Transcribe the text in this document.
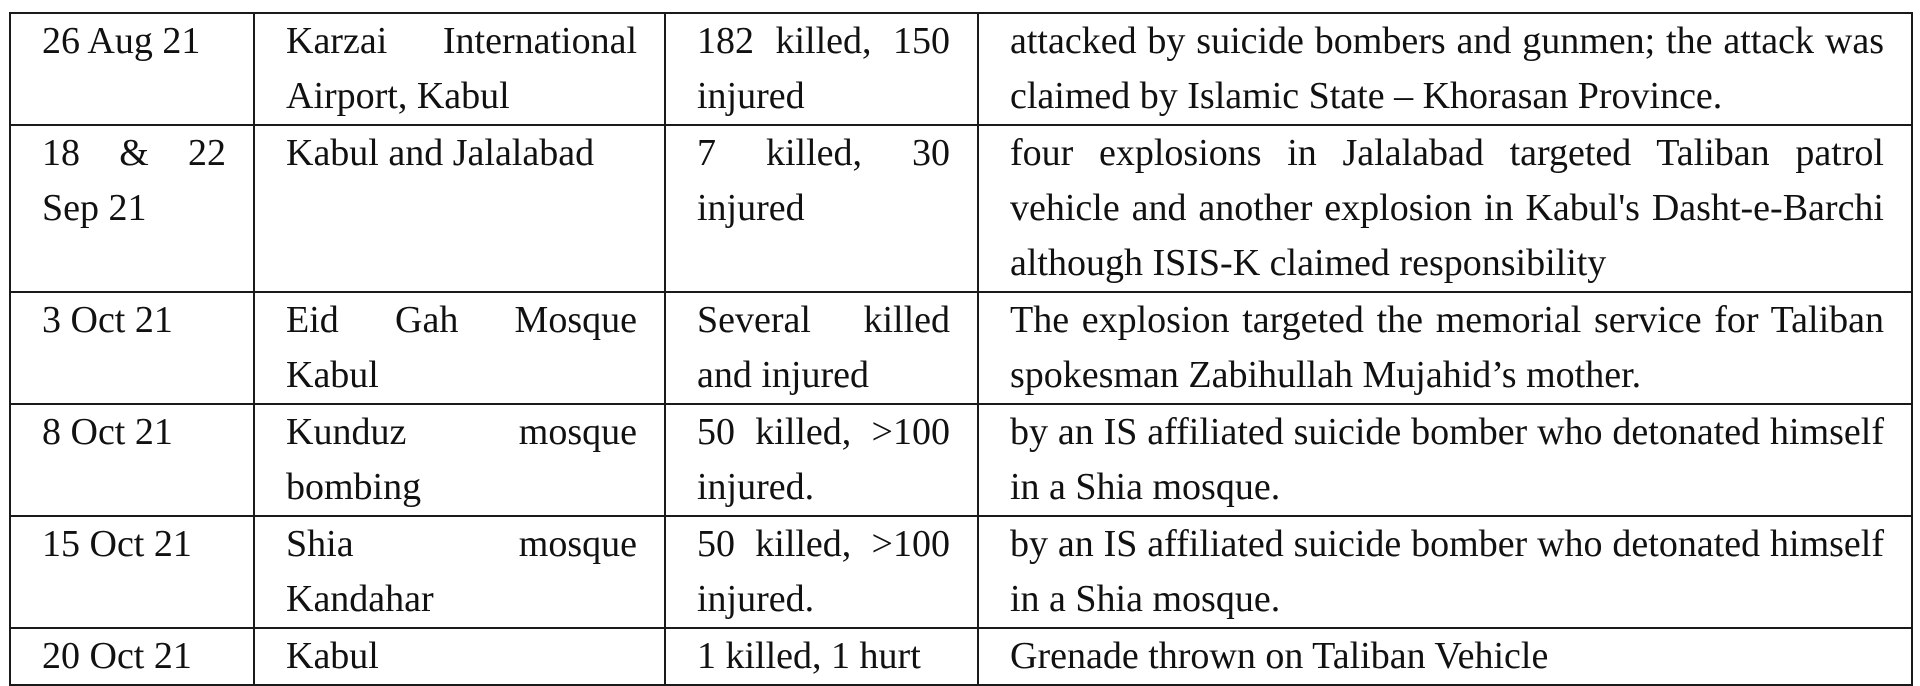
26 Aug 21	Karzai International Airport, Kabul	182 killed, 150 injured	attacked by suicide bombers and gunmen; the attack was claimed by Islamic State – Khorasan Province.
18 & 22 Sep 21	Kabul and Jalalabad	7 killed, 30 injured	four explosions in Jalalabad targeted Taliban patrol vehicle and another explosion in Kabul's Dasht-e-Barchi although ISIS-K claimed responsibility
3 Oct 21	Eid Gah Mosque Kabul	Several killed and injured	The explosion targeted the memorial service for Taliban spokesman Zabihullah Mujahid’s mother.
8 Oct 21	Kunduz mosque bombing	50 killed, >100 injured.	by an IS affiliated suicide bomber who detonated himself in a Shia mosque.
15 Oct 21	Shia mosque Kandahar	50 killed, >100 injured.	by an IS affiliated suicide bomber who detonated himself in a Shia mosque.
20 Oct 21	Kabul	1 killed, 1 hurt	Grenade thrown on Taliban Vehicle
